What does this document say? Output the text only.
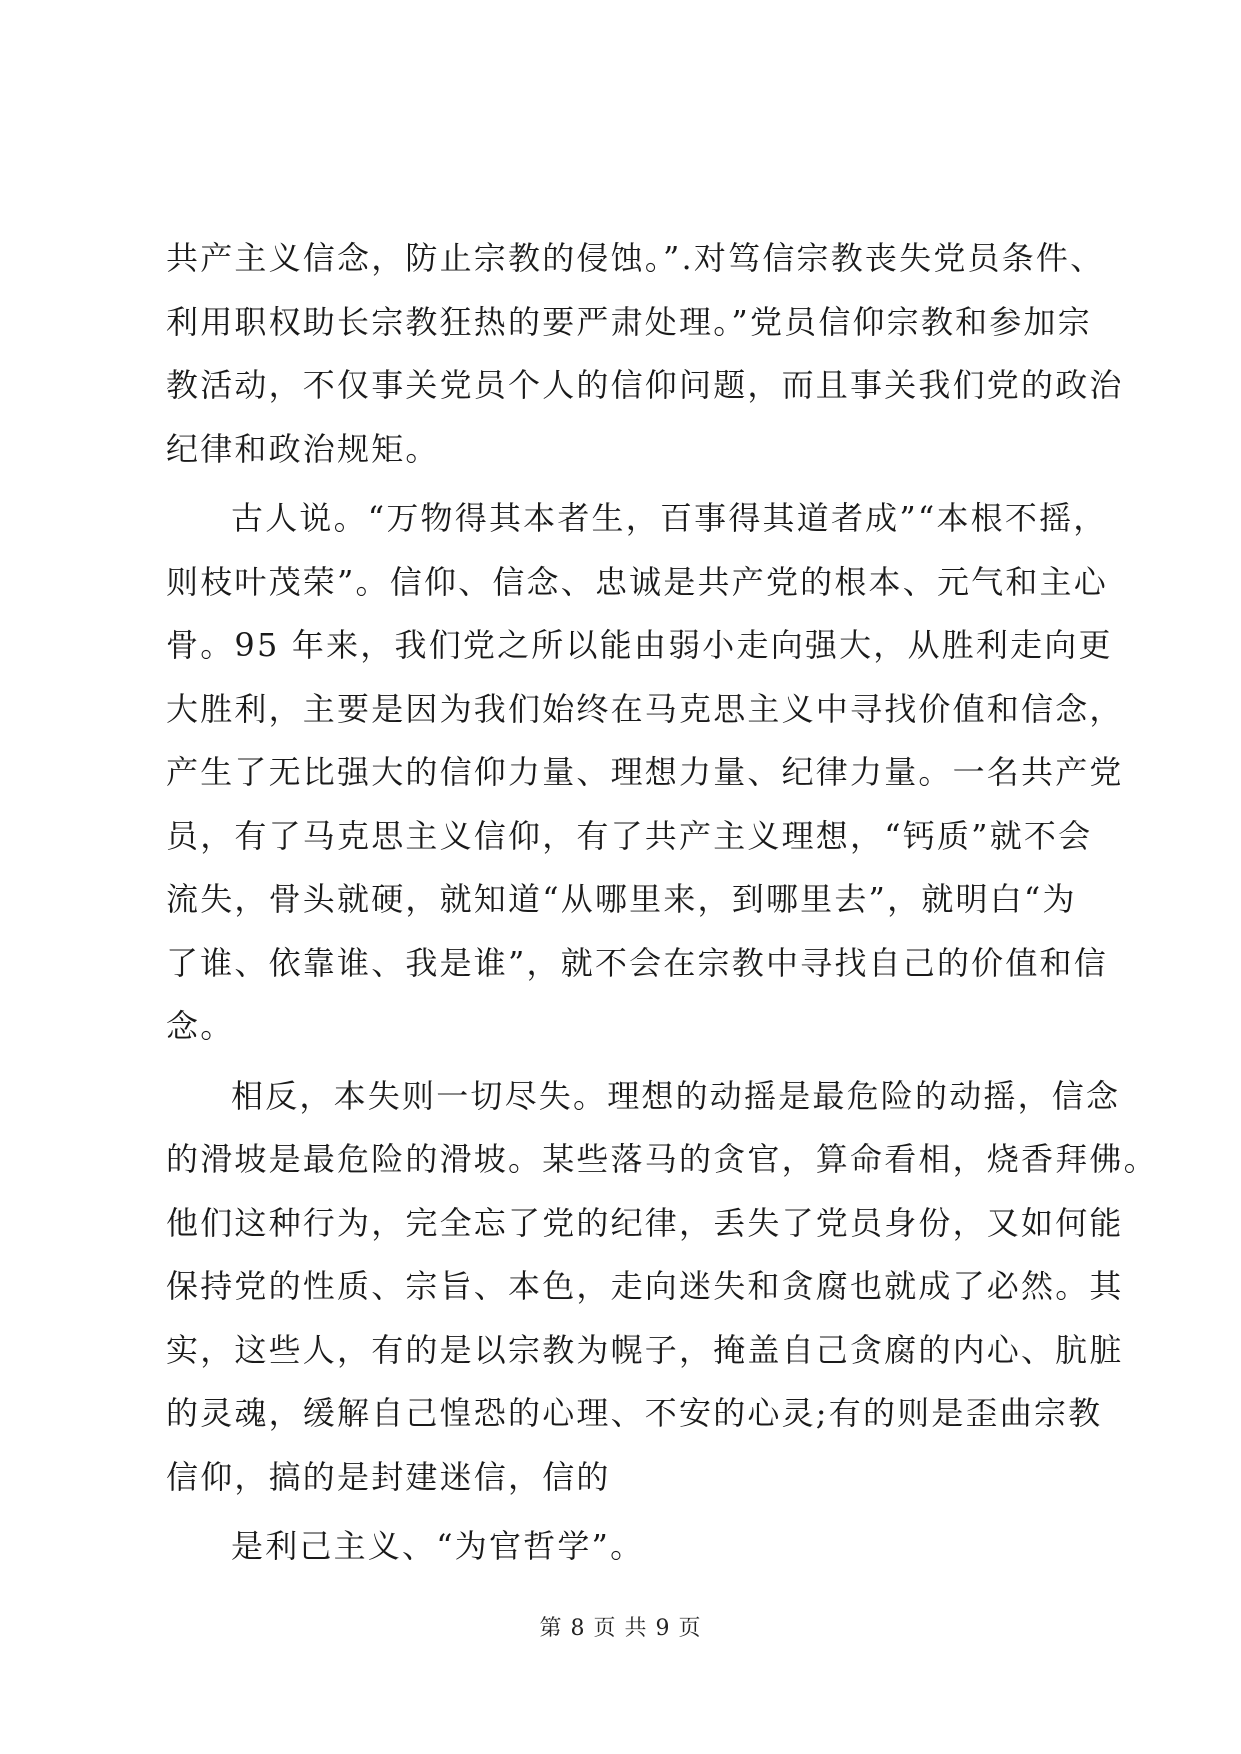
共产主义信念，防止宗教的侵蚀。”.对笃信宗教丧失党员条件、
利用职权助长宗教狂热的要严肃处理。”党员信仰宗教和参加宗
教活动，不仅事关党员个人的信仰问题，而且事关我们党的政治
纪律和政治规矩。
古人说。“万物得其本者生，百事得其道者成”“本根不摇，
则枝叶茂荣”。信仰、信念、忠诚是共产党的根本、元气和主心
骨。95 年来，我们党之所以能由弱小走向强大，从胜利走向更
大胜利，主要是因为我们始终在马克思主义中寻找价值和信念，
产生了无比强大的信仰力量、理想力量、纪律力量。一名共产党
员，有了马克思主义信仰，有了共产主义理想，“钙质”就不会
流失，骨头就硬，就知道“从哪里来，到哪里去”，就明白“为
了谁、依靠谁、我是谁”，就不会在宗教中寻找自己的价值和信
念。
相反，本失则一切尽失。理想的动摇是最危险的动摇，信念
的滑坡是最危险的滑坡。某些落马的贪官，算命看相，烧香拜佛。
他们这种行为，完全忘了党的纪律，丢失了党员身份，又如何能
保持党的性质、宗旨、本色，走向迷失和贪腐也就成了必然。其
实，这些人，有的是以宗教为幌子，掩盖自己贪腐的内心、肮脏
的灵魂，缓解自己惶恐的心理、不安的心灵;有的则是歪曲宗教
信仰，搞的是封建迷信，信的
是利己主义、“为官哲学”。
第 8 页 共 9 页
